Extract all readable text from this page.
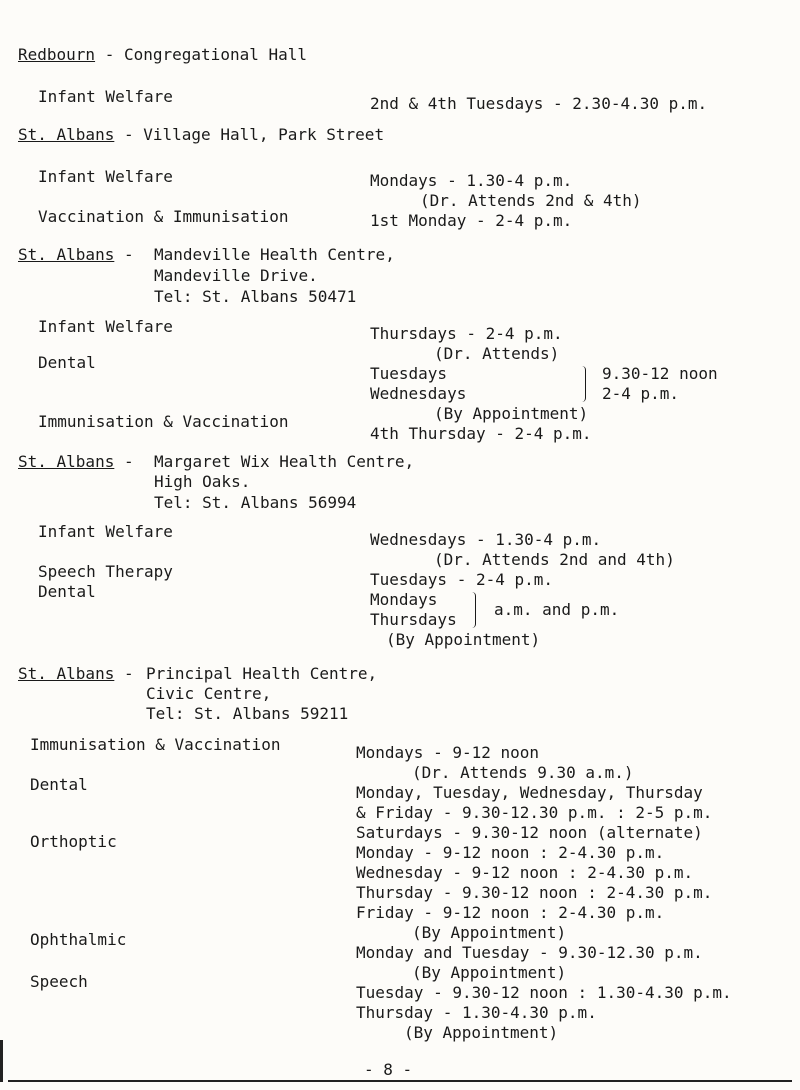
Redbourn - Congregational Hall
Infant Welfare	2nd & 4th Tuesdays - 2.30-4.30 p.m.
St. Albans - Village Hall, Park Street
Infant Welfare
Vaccination & Immunisation
Mondays - 1.30-4 p.m.
(Dr. Attends 2nd & 4th)
1st Monday - 2-4 p.m.
St. Albans - Mandeville Health Centre,
Mandeville Drive.
Tel: St. Albans 50471
Infant Welfare
Dental
Immunisation & Vaccination
Thursdays - 2-4 p.m.
(Dr. Attends)
Tuesdays
Wednesdays
9.30-12 noon
2-4 p.m.
(By Appointment)
4th Thursday - 2-4 p.m.
St. Albans - Margaret Wix Health Centre,
High Oaks.
Tel: St. Albans 56994
Infant Welfare
Speech Therapy
Dental
Wednesdays - 1.30-4 p.m.
(Dr. Attends 2nd and 4th)
Tuesdays - 2-4 p.m.
Mondays
Thursdays
a.m. and p.m.
(By Appointment)
St. Albans - Principal Health Centre,
Civic Centre,
Tel: St. Albans 59211
Immunisation & Vaccination
Dental
Orthoptic
Ophthalmic
Speech
Mondays - 9-12 noon
(Dr. Attends 9.30 a.m.)
Monday, Tuesday, Wednesday, Thursday
& Friday - 9.30-12.30 p.m. : 2-5 p.m.
Saturdays - 9.30-12 noon (alternate)
Monday - 9-12 noon : 2-4.30 p.m.
Wednesday - 9-12 noon : 2-4.30 p.m.
Thursday - 9.30-12 noon : 2-4.30 p.m.
Friday - 9-12 noon : 2-4.30 p.m.
(By Appointment)
Monday and Tuesday - 9.30-12.30 p.m.
(By Appointment)
Tuesday - 9.30-12 noon : 1.30-4.30 p.m.
Thursday - 1.30-4.30 p.m.
(By Appointment)
- 8 -
